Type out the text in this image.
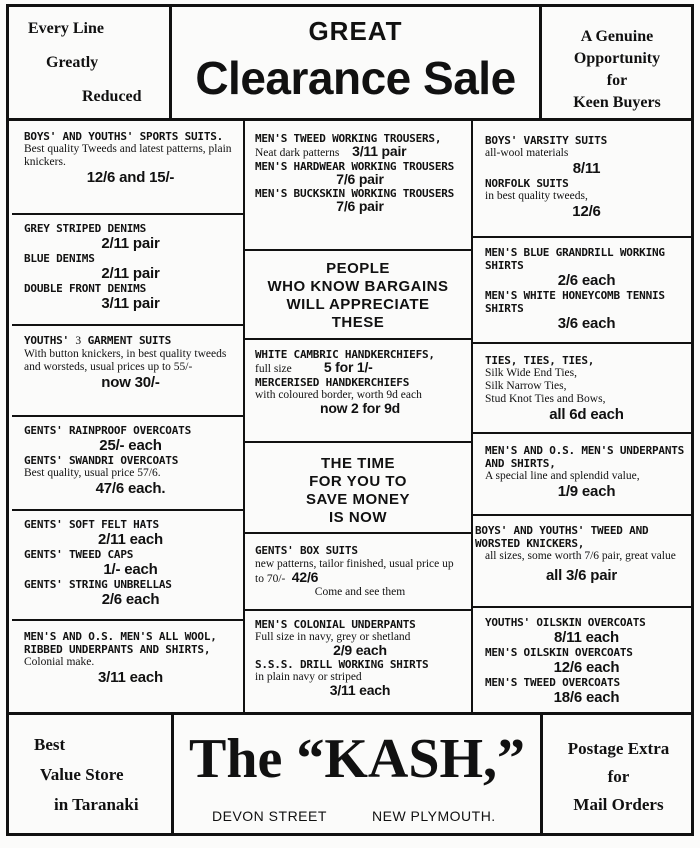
Every Line
Greatly
Reduced
GREAT
Clearance Sale
A Genuine
Opportunity
for
Keen Buyers
BOYS' AND YOUTHS' SPORTS SUITS.
Best quality Tweeds and latest patterns, plain knickers.
12/6 and 15/-
GREY STRIPED DENIMS
2/11 pair
BLUE DENIMS
2/11 pair
DOUBLE FRONT DENIMS
3/11 pair
YOUTHS' 3 GARMENT SUITS
With button knickers, in best quality tweeds and worsteds, usual prices up to 55/-
now 30/-
GENTS' RAINPROOF OVERCOATS
25/- each
GENTS' SWANDRI OVERCOATS
Best quality, usual price 57/6.
47/6 each.
GENTS' SOFT FELT HATS
2/11 each
GENTS' TWEED CAPS
1/- each
GENTS' STRING UNBRELLAS
2/6 each
MEN'S AND O.S. MEN'S ALL WOOL, RIBBED UNDERPANTS AND SHIRTS,
Colonial make.
3/11 each
MEN'S TWEED WORKING TROUSERS,
Neat dark patterns 3/11 pair
MEN'S HARDWEAR WORKING TROUSERS
7/6 pair
MEN'S BUCKSKIN WORKING TROUSERS
7/6 pair
PEOPLE
WHO KNOW BARGAINS
WILL APPRECIATE
THESE
WHITE CAMBRIC HANDKERCHIEFS,
full size 5 for 1/-
MERCERISED HANDKERCHIEFS
with coloured border, worth 9d each
now 2 for 9d
THE TIME
FOR YOU TO
SAVE MONEY
IS NOW
GENTS' BOX SUITS
new patterns, tailor finished, usual price up to 70/- 42/6
Come and see them
MEN'S COLONIAL UNDERPANTS
Full size in navy, grey or shetland
2/9 each
S.S.S. DRILL WORKING SHIRTS
in plain navy or striped
3/11 each
BOYS' VARSITY SUITS
all-wool materials
8/11
NORFOLK SUITS
in best quality tweeds,
12/6
MEN'S BLUE GRANDRILL WORKING SHIRTS
2/6 each
MEN'S WHITE HONEYCOMB TENNIS SHIRTS
3/6 each
TIES, TIES, TIES,
Silk Wide End Ties,
Silk Narrow Ties,
Stud Knot Ties and Bows,
all 6d each
MEN'S AND O.S. MEN'S UNDERPANTS AND SHIRTS,
A special line and splendid value,
1/9 each
BOYS' AND YOUTHS' TWEED AND WORSTED KNICKERS,
all sizes, some worth 7/6 pair, great value
all 3/6 pair
YOUTHS' OILSKIN OVERCOATS
8/11 each
MEN'S OILSKIN OVERCOATS
12/6 each
MEN'S TWEED OVERCOATS
18/6 each
Best
Value Store
in Taranaki
The “KASH,”
DEVON STREET	NEW PLYMOUTH.
Postage Extra
for
Mail Orders
